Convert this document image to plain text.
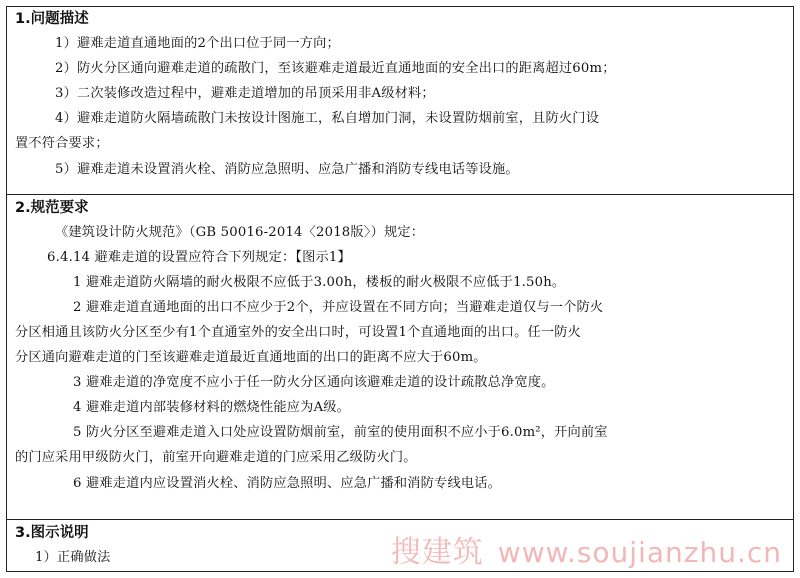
1.问题描述
1）避难走道直通地面的2个出口位于同一方向；
2）防火分区通向避难走道的疏散门，至该避难走道最近直通地面的安全出口的距离超过60m；
3）二次装修改造过程中，避难走道增加的吊顶采用非A级材料；
4）避难走道防火隔墙疏散门未按设计图施工，私自增加门洞，未设置防烟前室，且防火门设
置不符合要求；
5）避难走道未设置消火栓、消防应急照明、应急广播和消防专线电话等设施。
2.规范要求
《建筑设计防火规范》（GB 50016-2014〈2018版〉）规定：
6.4.14 避难走道的设置应符合下列规定：【图示1】
1 避难走道防火隔墙的耐火极限不应低于3.00h，楼板的耐火极限不应低于1.50h。
2 避难走道直通地面的出口不应少于2个，并应设置在不同方向；当避难走道仅与一个防火
分区相通且该防火分区至少有1个直通室外的安全出口时，可设置1个直通地面的出口。任一防火
分区通向避难走道的门至该避难走道最近直通地面的出口的距离不应大于60m。
3 避难走道的净宽度不应小于任一防火分区通向该避难走道的设计疏散总净宽度。
4 避难走道内部装修材料的燃烧性能应为A级。
5 防火分区至避难走道入口处应设置防烟前室，前室的使用面积不应小于6.0m²，开向前室
的门应采用甲级防火门，前室开向避难走道的门应采用乙级防火门。
6 避难走道内应设置消火栓、消防应急照明、应急广播和消防专线电话。
3.图示说明
1）正确做法	搜建筑 www.soujianzhu.cn
